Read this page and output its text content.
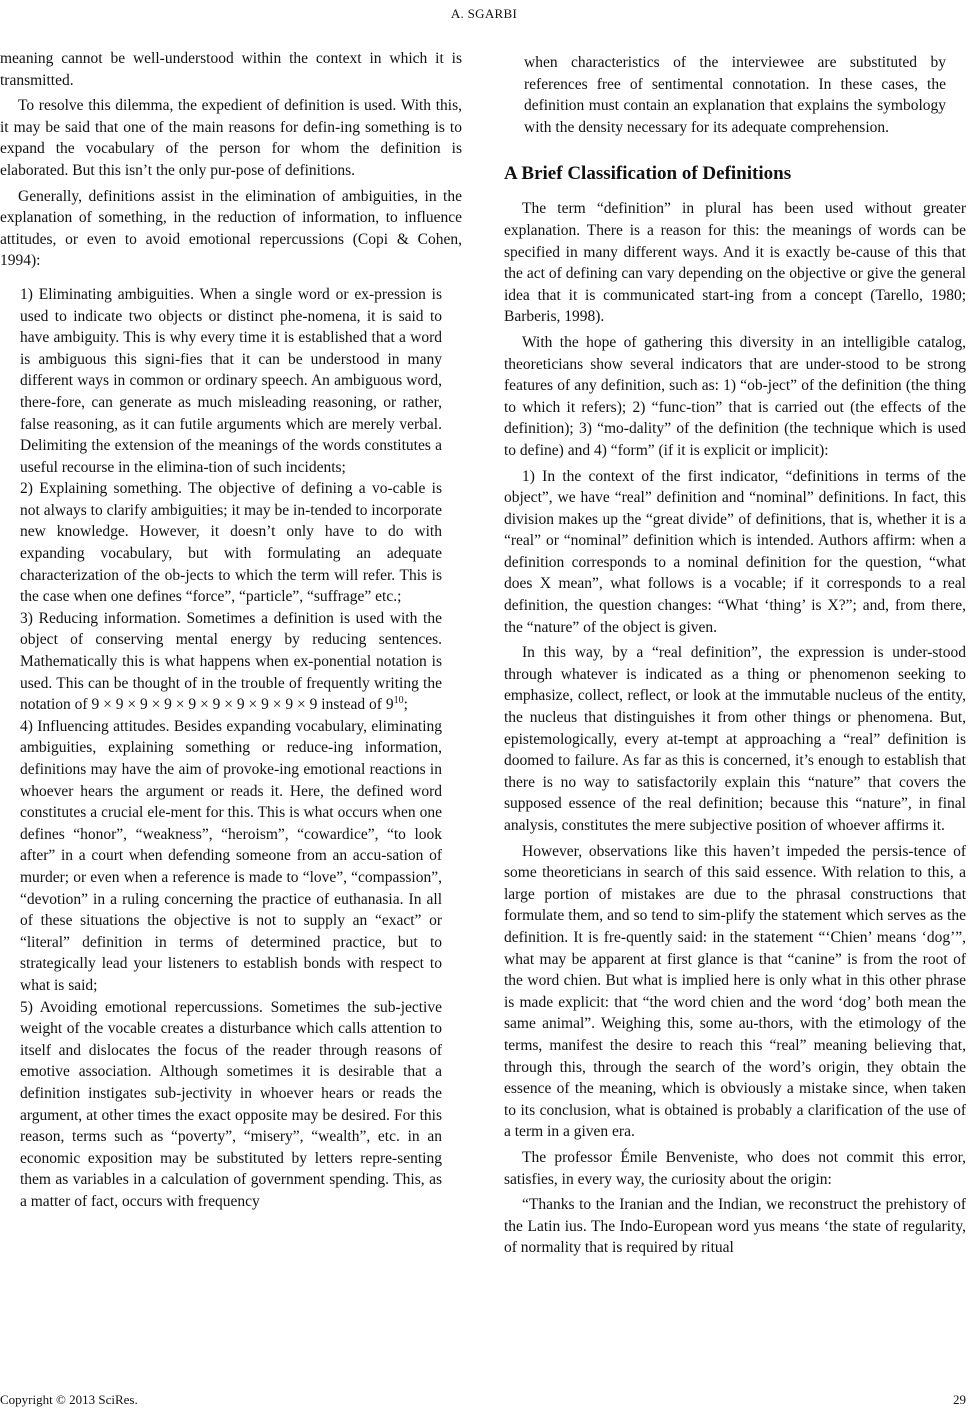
A. SGARBI

meaning cannot be well-understood within the context in which it is transmitted.

To resolve this dilemma, the expedient of definition is used. With this, it may be said that one of the main reasons for defin-ing something is to expand the vocabulary of the person for whom the definition is elaborated. But this isn’t the only pur-pose of definitions.

Generally, definitions assist in the elimination of ambiguities, in the explanation of something, in the reduction of information, to influence attitudes, or even to avoid emotional repercussions (Copi & Cohen, 1994):

1) Eliminating ambiguities. When a single word or ex-pression is used to indicate two objects or distinct phe-nomena, it is said to have ambiguity. This is why every time it is established that a word is ambiguous this signi-fies that it can be understood in many different ways in common or ordinary speech. An ambiguous word, there-fore, can generate as much misleading reasoning, or rather, false reasoning, as it can futile arguments which are merely verbal. Delimiting the extension of the meanings of the words constitutes a useful recourse in the elimina-tion of such incidents;

2) Explaining something. The objective of defining a vo-cable is not always to clarify ambiguities; it may be in-tended to incorporate new knowledge. However, it doesn’t only have to do with expanding vocabulary, but with formulating an adequate characterization of the ob-jects to which the term will refer. This is the case when one defines “force”, “particle”, “suffrage” etc.;

3) Reducing information. Sometimes a definition is used with the object of conserving mental energy by reducing sentences. Mathematically this is what happens when ex-ponential notation is used. This can be thought of in the trouble of frequently writing the notation of 9 × 9 × 9 × 9 × 9 × 9 × 9 × 9 × 9 × 9 instead of $9^{10}$;

4) Influencing attitudes. Besides expanding vocabulary, eliminating ambiguities, explaining something or reduce-ing information, definitions may have the aim of provoke-ing emotional reactions in whoever hears the argument or reads it. Here, the defined word constitutes a crucial ele-ment for this. This is what occurs when one defines “honor”, “weakness”, “heroism”, “cowardice”, “to look after” in a court when defending someone from an accu-sation of murder; or even when a reference is made to “love”, “compassion”, “devotion” in a ruling concerning the practice of euthanasia. In all of these situations the objective is not to supply an “exact” or “literal” definition in terms of determined practice, but to strategically lead your listeners to establish bonds with respect to what is said;

5) Avoiding emotional repercussions. Sometimes the sub-jective weight of the vocable creates a disturbance which calls attention to itself and dislocates the focus of the reader through reasons of emotive association. Although sometimes it is desirable that a definition instigates sub-jectivity in whoever hears or reads the argument, at other times the exact opposite may be desired. For this reason, terms such as “poverty”, “misery”, “wealth”, etc. in an economic exposition may be substituted by letters repre-senting them as variables in a calculation of government spending. This, as a matter of fact, occurs with frequency

when characteristics of the interviewee are substituted by references free of sentimental connotation. In these cases, the definition must contain an explanation that explains the symbology with the density necessary for its adequate comprehension.

A Brief Classification of Definitions

The term “definition” in plural has been used without greater explanation. There is a reason for this: the meanings of words can be specified in many different ways. And it is exactly be-cause of this that the act of defining can vary depending on the objective or give the general idea that it is communicated start-ing from a concept (Tarello, 1980; Barberis, 1998).

With the hope of gathering this diversity in an intelligible catalog, theoreticians show several indicators that are under-stood to be strong features of any definition, such as: 1) “ob-ject” of the definition (the thing to which it refers); 2) “func-tion” that is carried out (the effects of the definition); 3) “mo-dality” of the definition (the technique which is used to define) and 4) “form” (if it is explicit or implicit):

1) In the context of the first indicator, “definitions in terms of the object”, we have “real” definition and “nominal” definitions. In fact, this division makes up the “great divide” of definitions, that is, whether it is a “real” or “nominal” definition which is intended. Authors affirm: when a definition corresponds to a nominal definition for the question, “what does X mean”, what follows is a vocable; if it corresponds to a real definition, the question changes: “What ‘thing’ is X?”; and, from there, the “nature” of the object is given.

In this way, by a “real definition”, the expression is under-stood through whatever is indicated as a thing or phenomenon seeking to emphasize, collect, reflect, or look at the immutable nucleus of the entity, the nucleus that distinguishes it from other things or phenomena. But, epistemologically, every at-tempt at approaching a “real” definition is doomed to failure. As far as this is concerned, it’s enough to establish that there is no way to satisfactorily explain this “nature” that covers the supposed essence of the real definition; because this “nature”, in final analysis, constitutes the mere subjective position of whoever affirms it.

However, observations like this haven’t impeded the persis-tence of some theoreticians in search of this said essence. With relation to this, a large portion of mistakes are due to the phrasal constructions that formulate them, and so tend to sim-plify the statement which serves as the definition. It is fre-quently said: in the statement “‘Chien’ means ‘dog’”, what may be apparent at first glance is that “canine” is from the root of the word chien. But what is implied here is only what in this other phrase is made explicit: that “the word chien and the word ‘dog’ both mean the same animal”. Weighing this, some au-thors, with the etimology of the terms, manifest the desire to reach this “real” meaning believing that, through this, through the search of the word’s origin, they obtain the essence of the meaning, which is obviously a mistake since, when taken to its conclusion, what is obtained is probably a clarification of the use of a term in a given era.

The professor Émile Benveniste, who does not commit this error, satisfies, in every way, the curiosity about the origin:

“Thanks to the Iranian and the Indian, we reconstruct the prehistory of the Latin ius. The Indo-European word yus means ‘the state of regularity, of normality that is required by ritual

Copyright © 2013 SciRes.	29
